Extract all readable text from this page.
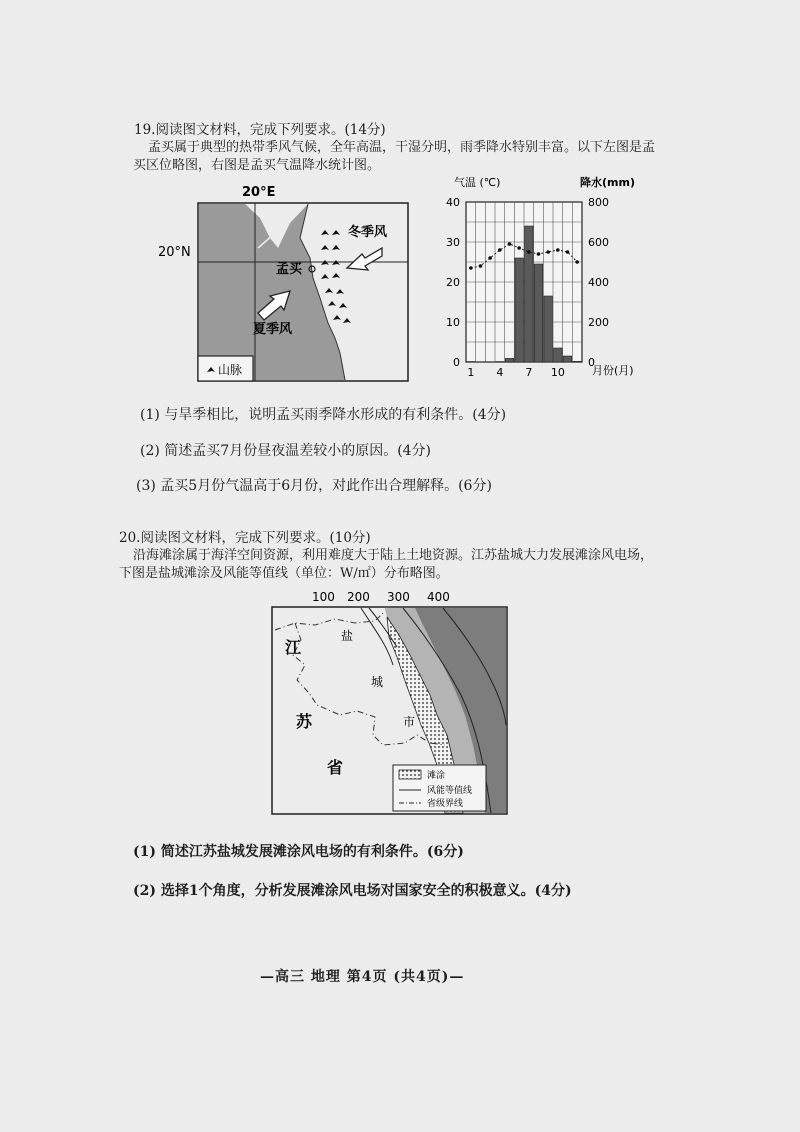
19.阅读图文材料，完成下列要求。(14分)
孟买属于典型的热带季风气候，全年高温，干湿分明，雨季降水特别丰富。以下左图是孟
买区位略图，右图是孟买气温降水统计图。
20°E
20°N
孟买
冬季风
夏季风
山脉
气温 (℃)	降水(mm)
月份(月)
0
10
20
30
40
0
200
400
600
800
1 4 7 10
(1) 与旱季相比，说明孟买雨季降水形成的有利条件。(4分)
(2) 简述孟买7月份昼夜温差较小的原因。(4分)
(3) 孟买5月份气温高于6月份，对此作出合理解释。(6分)
20.阅读图文材料，完成下列要求。(10分)
沿海滩涂属于海洋空间资源，利用难度大于陆上土地资源。江苏盐城大力发展滩涂风电场，
下图是盐城滩涂及风能等值线（单位：W/㎡）分布略图。
100 200 300 400
盐
城
市
江
苏
省	滩涂
风能等值线
省级界线
(1) 简述江苏盐城发展滩涂风电场的有利条件。(6分)
(2) 选择1个角度，分析发展滩涂风电场对国家安全的积极意义。(4分)
—高三 地理 第4页 (共4页)—
